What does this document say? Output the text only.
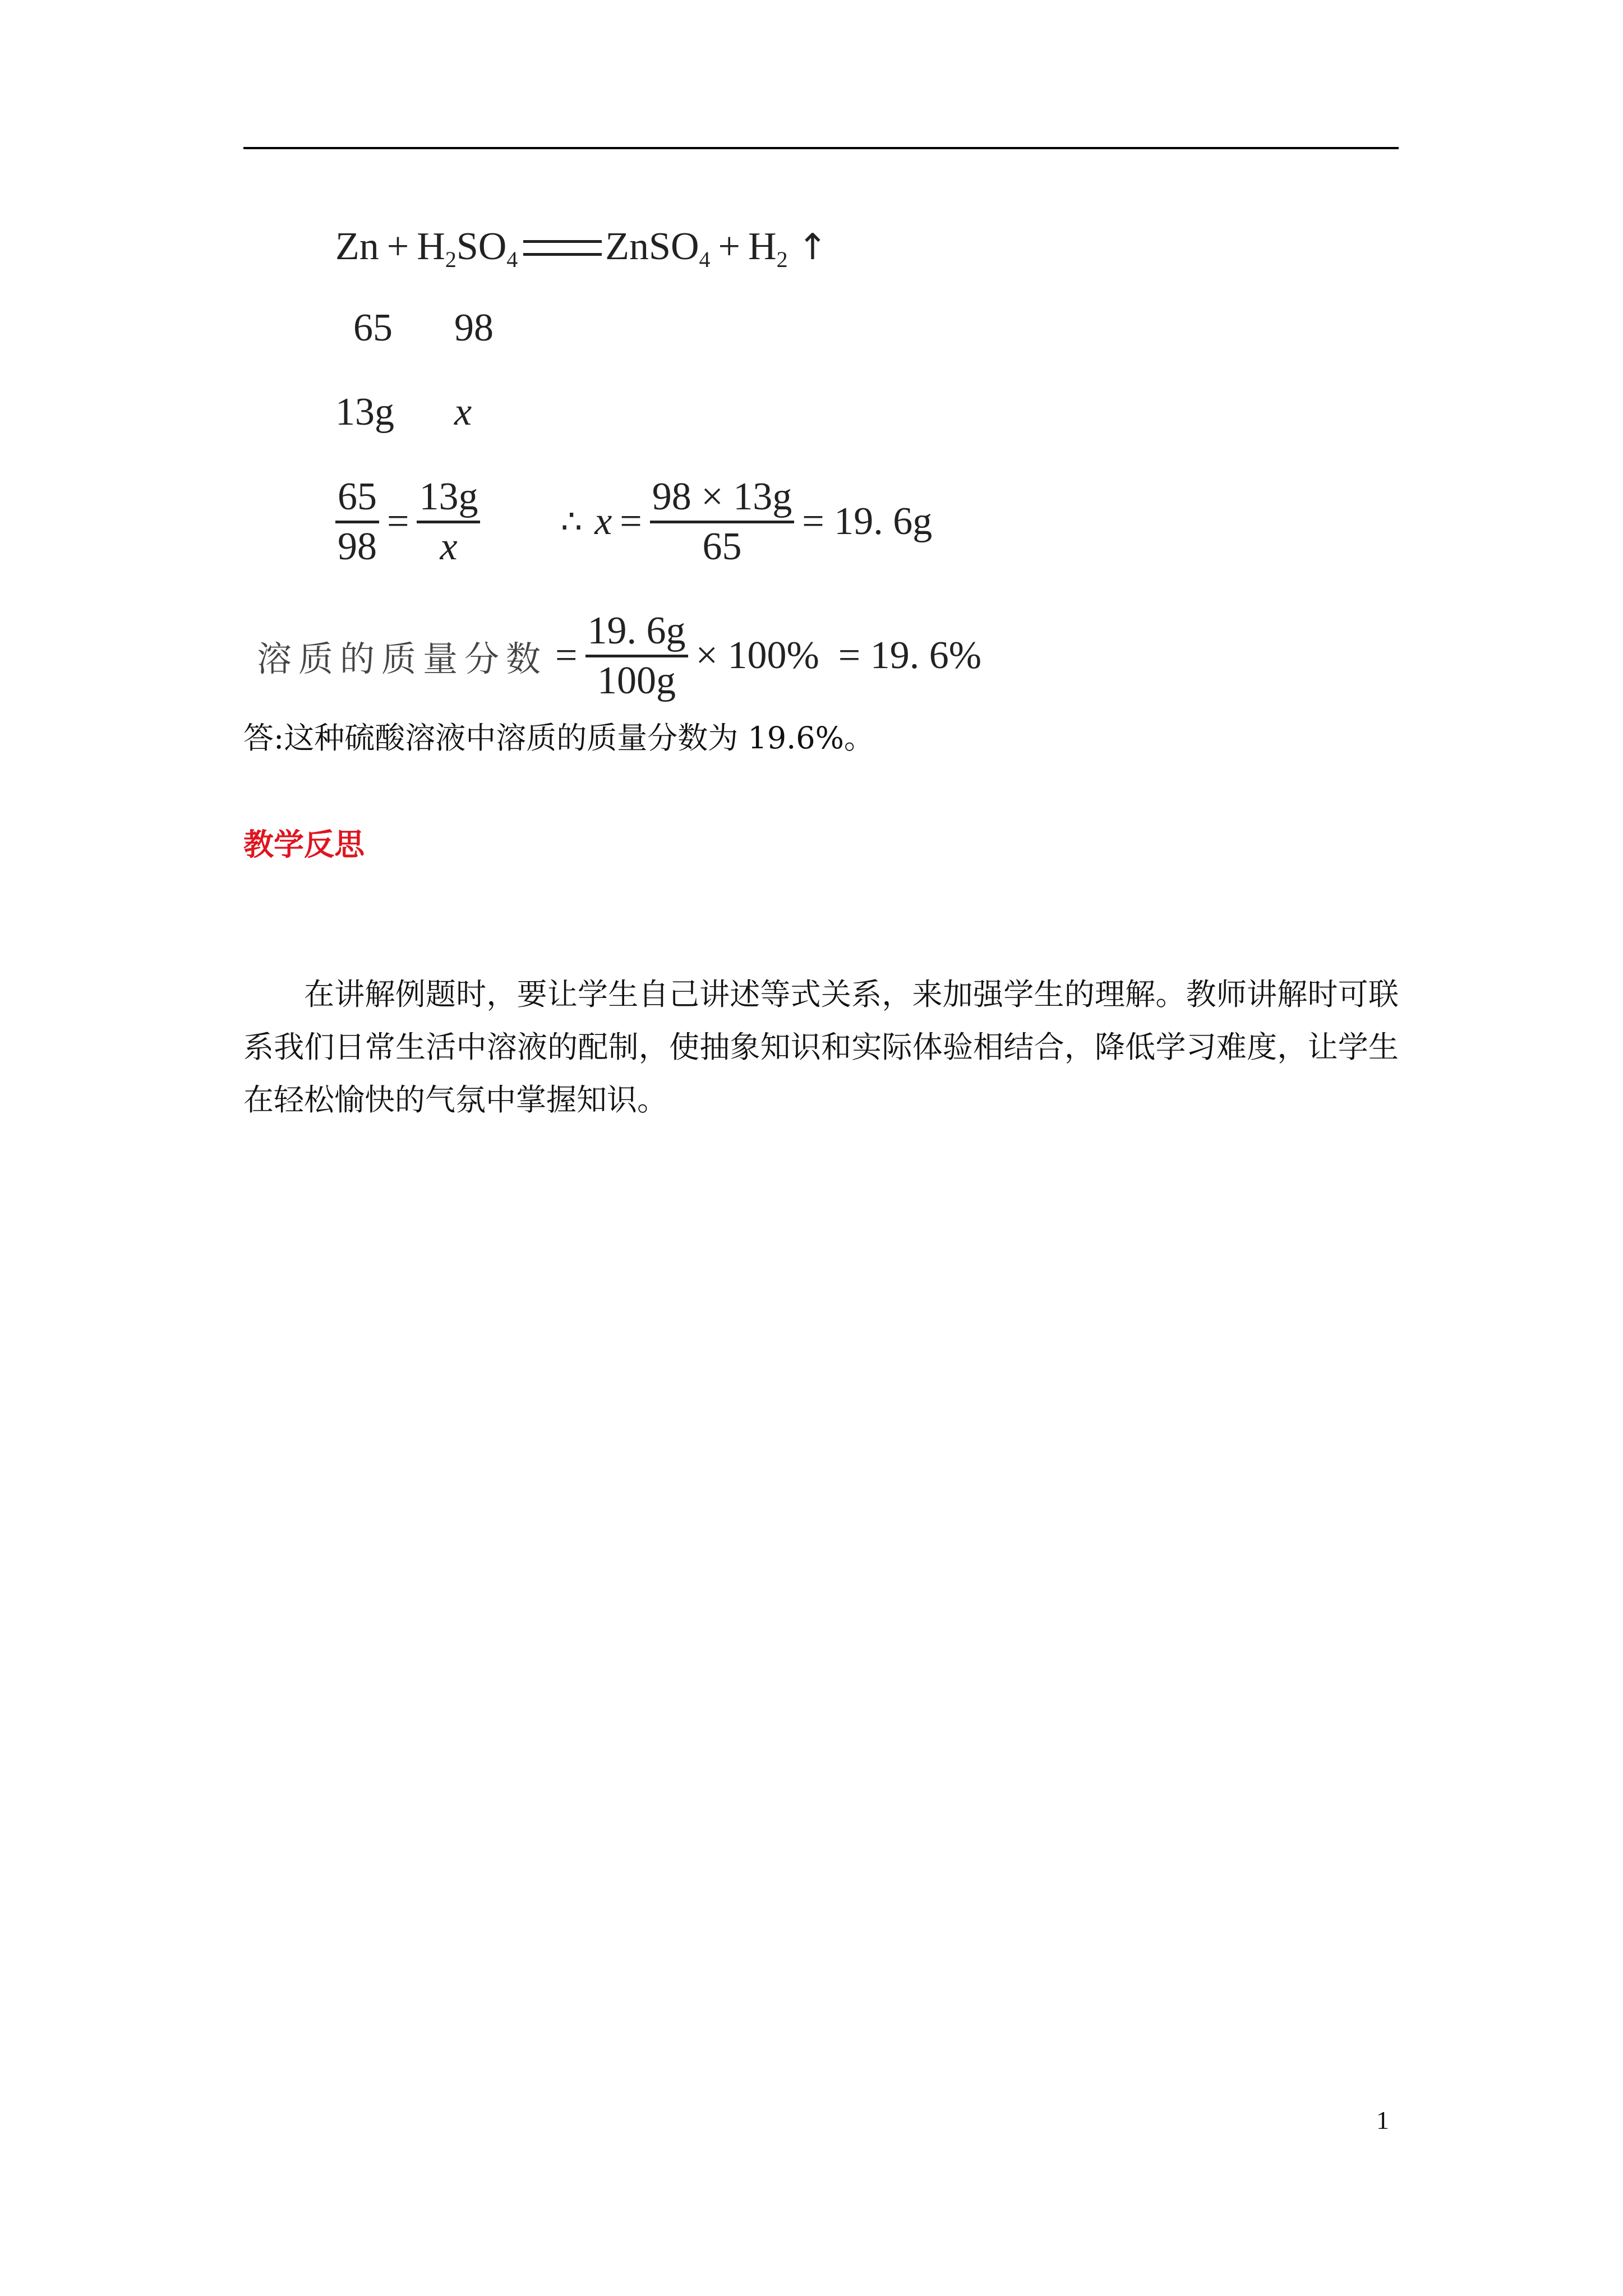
$Zn + H_2SO_4$ ZnSO$_4$ + $H_2$ ↑
65 98
13g x
$\frac{65}{98} = \frac{13g}{x}$ ∴ $x = \frac{98 \times 13g}{65} = 19$. 6g
溶质的质量分数 = $\frac{19. 6g}{100g} \times 100\% = 19$. 6%
答:这种硫酸溶液中溶质的质量分数为 19.6%。
教学反思

在讲解例题时，要让学生自己讲述等式关系，来加强学生的理解。教师讲解时可联系我们日常生活中溶液的配制，使抽象知识和实际体验相结合，降低学习难度，让学生在轻松愉快的气氛中掌握知识。

1
